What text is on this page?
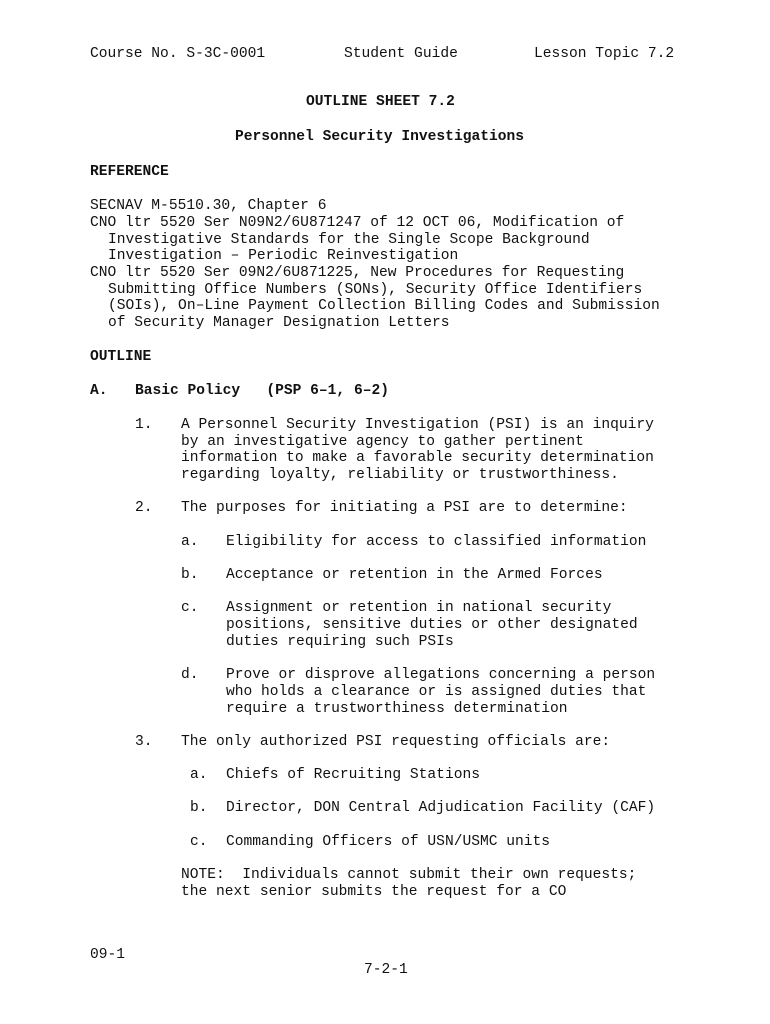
Course No. S-3C-0001	Student Guide	Lesson Topic 7.2
OUTLINE SHEET 7.2
Personnel Security Investigations
REFERENCE
SECNAV M-5510.30, Chapter 6
CNO ltr 5520 Ser N09N2/6U871247 of 12 OCT 06, Modification of
Investigative Standards for the Single Scope Background
Investigation – Periodic Reinvestigation
CNO ltr 5520 Ser 09N2/6U871225, New Procedures for Requesting
Submitting Office Numbers (SONs), Security Office Identifiers
(SOIs), On–Line Payment Collection Billing Codes and Submission
of Security Manager Designation Letters
OUTLINE
A. Basic Policy   (PSP 6–1, 6–2)
1. A Personnel Security Investigation (PSI) is an inquiry
by an investigative agency to gather pertinent
information to make a favorable security determination
regarding loyalty, reliability or trustworthiness.
2. The purposes for initiating a PSI are to determine:
a. Eligibility for access to classified information
b. Acceptance or retention in the Armed Forces
c. Assignment or retention in national security
positions, sensitive duties or other designated
duties requiring such PSIs
d. Prove or disprove allegations concerning a person
who holds a clearance or is assigned duties that
require a trustworthiness determination
3. The only authorized PSI requesting officials are:
a. Chiefs of Recruiting Stations
b. Director, DON Central Adjudication Facility (CAF)
c. Commanding Officers of USN/USMC units
NOTE:  Individuals cannot submit their own requests;
the next senior submits the request for a CO
09-1
7-2-1
